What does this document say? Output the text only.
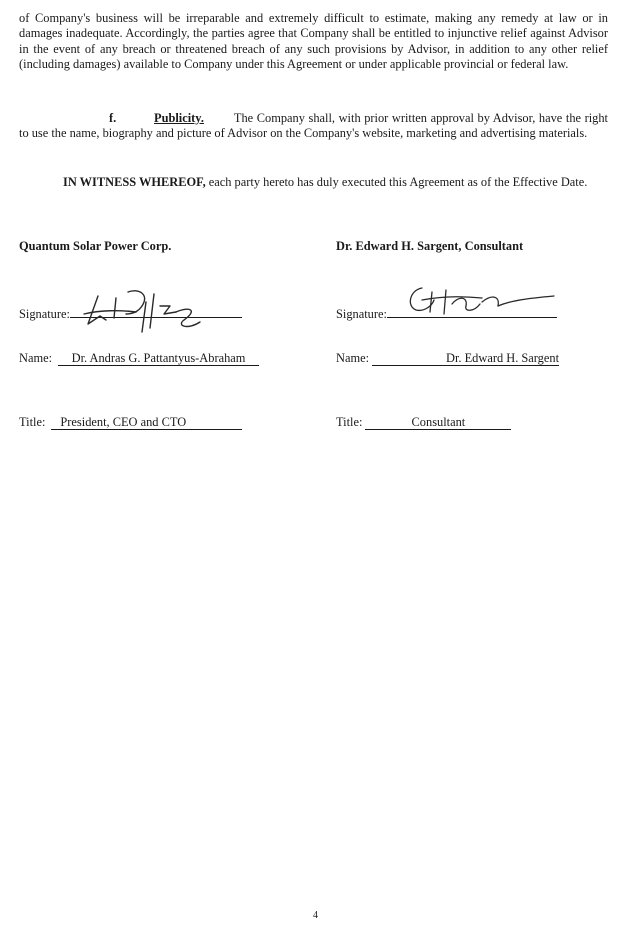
of Company's business will be irreparable and extremely difficult to estimate, making any remedy at law or in damages inadequate. Accordingly, the parties agree that Company shall be entitled to injunctive relief against Advisor in the event of any breach or threatened breach of any such provisions by Advisor, in addition to any other relief (including damages) available to Company under this Agreement or under applicable provincial or federal law.

f.	Publicity. The Company shall, with prior written approval by Advisor, have the right to use the name, biography and picture of Advisor on the Company's website, marketing and advertising materials.

IN WITNESS WHEREOF, each party hereto has duly executed this Agreement as of the Effective Date.

Quantum Solar Power Corp.

Signature:

Name: Dr. Andras G. Pattantyus-Abraham

Title: President, CEO and CTO

Dr. Edward H. Sargent, Consultant

Signature:

Name:	Dr. Edward H. Sargent

Title:	Consultant

4
